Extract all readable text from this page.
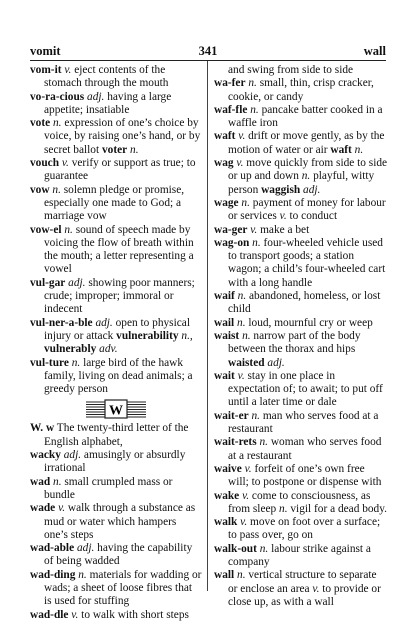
vomit	341	wall

vom-it v. eject contents of the stomach through the mouth

vo-ra-cious adj. having a large appetite; insatiable

vote n. expression of one’s choice by voice, by raising one’s hand, or by secret ballot voter n.

vouch v. verify or support as true; to guarantee

vow n. solemn pledge or promise, especially one made to God; a marriage vow

vow-el n. sound of speech made by voicing the flow of breath within the mouth; a letter representing a vowel

vul-gar adj. showing poor manners; crude; improper; immoral or indecent

vul-ner-a-ble adj. open to physical injury or attack vulnerability n., vulnerably adv.

vul-ture n. large bird of the hawk family, living on dead animals; a greedy person

W

W. w The twenty-third letter of the English alphabet,

wacky adj. amusingly or absurdly irrational

wad n. small crumpled mass or bundle

wade v. walk through a substance as mud or water which hampers one’s steps

wad-able adj. having the capability of being wadded

wad-ding n. materials for wadding or wads; a sheet of loose fibres that is used for stuffing

wad-dle v. to walk with short steps

and swing from side to side

wa-fer n. small, thin, crisp cracker, cookie, or candy

waf-fle n. pancake batter cooked in a waffle iron

waft v. drift or move gently, as by the motion of water or air waft n.

wag v. move quickly from side to side or up and down n. playful, witty person waggish adj.

wage n. payment of money for labour or services v. to conduct

wa-ger v. make a bet

wag-on n. four-wheeled vehicle used to transport goods; a station wagon; a child’s four-wheeled cart with a long handle

waif n. abandoned, homeless, or lost child

wail n. loud, mournful cry or weep

waist n. narrow part of the body between the thorax and hips waisted adj.

wait v. stay in one place in expectation of; to await; to put off until a later time or dale

wait-er n. man who serves food at a restaurant

wait-rets n. woman who serves food at a restaurant

waive v. forfeit of one’s own free will; to postpone or dispense with

wake v. come to consciousness, as from sleep n. vigil for a dead body.

walk v. move on foot over a surface; to pass over, go on

walk-out n. labour strike against a company

wall n. vertical structure to separate or enclose an area v. to provide or close up, as with a wall
